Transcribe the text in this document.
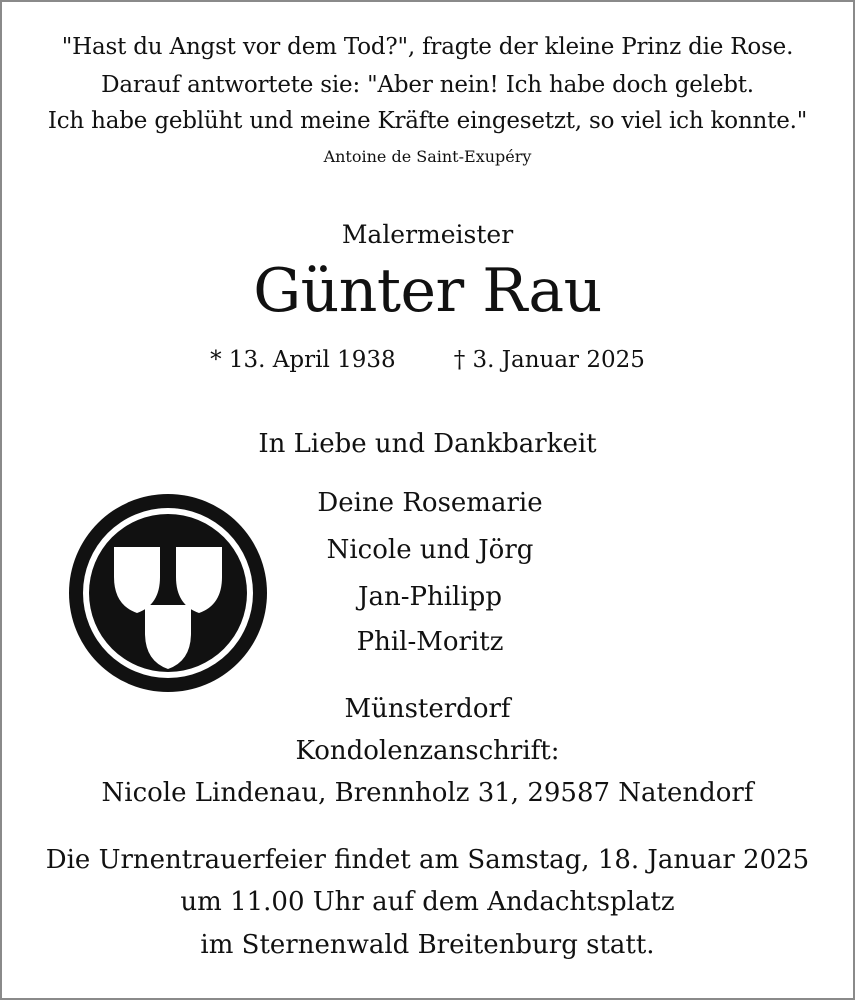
"Hast du Angst vor dem Tod?", fragte der kleine Prinz die Rose.
Darauf antwortete sie: "Aber nein! Ich habe doch gelebt.
Ich habe geblüht und meine Kräfte eingesetzt, so viel ich konnte."
Antoine de Saint-Exupéry
Malermeister
Günter Rau
* 13. April 1938	† 3. Januar 2025
In Liebe und Dankbarkeit
Deine Rosemarie
Nicole und Jörg
Jan-Philipp
Phil-Moritz
Münsterdorf
Kondolenzanschrift:
Nicole Lindenau, Brennholz 31, 29587 Natendorf
Die Urnentrauerfeier findet am Samstag, 18. Januar 2025
um 11.00 Uhr auf dem Andachtsplatz
im Sternenwald Breitenburg statt.
